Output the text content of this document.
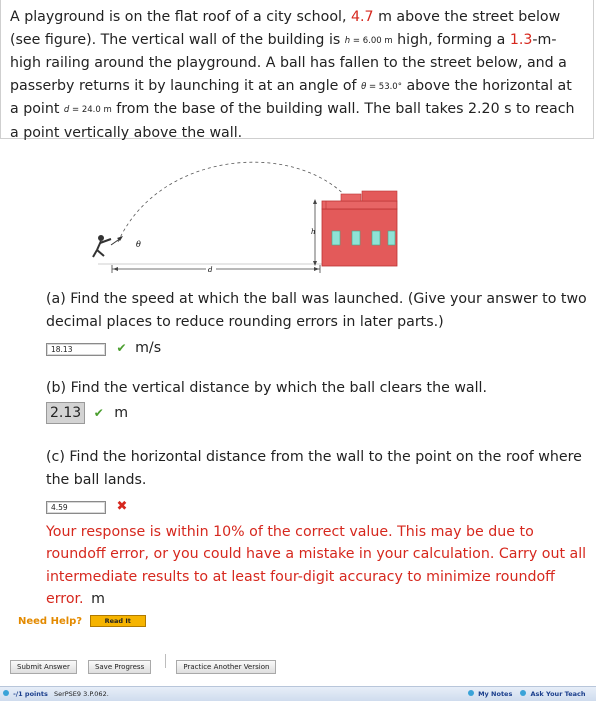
A playground is on the flat roof of a city school, 4.7 m above the street below (see figure). The vertical wall of the building is h = 6.00 m high, forming a 1.3-m-high railing around the playground. A ball has fallen to the street below, and a passerby returns it by launching it at an angle of θ = 53.0° above the horizontal at a point d = 24.0 m from the base of the building wall. The ball takes 2.20 s to reach a point vertically above the wall.
θ
h
d
(a) Find the speed at which the ball was launched. (Give your answer to two decimal places to reduce rounding errors in later parts.)
18.13	✔ m/s
(b) Find the vertical distance by which the ball clears the wall.
2.13 ✔ m
(c) Find the horizontal distance from the wall to the point on the roof where the ball lands.
4.59	✖
Your response is within 10% of the correct value. This may be due to roundoff error, or you could have a mistake in your calculation. Carry out all intermediate results to at least four-digit accuracy to minimize roundoff error. m
Need Help?	Read It
Submit Answer	Save Progress	Practice Another Version
-/1 points SerPSE9 3.P.062.	My Notes	Ask Your Teach
